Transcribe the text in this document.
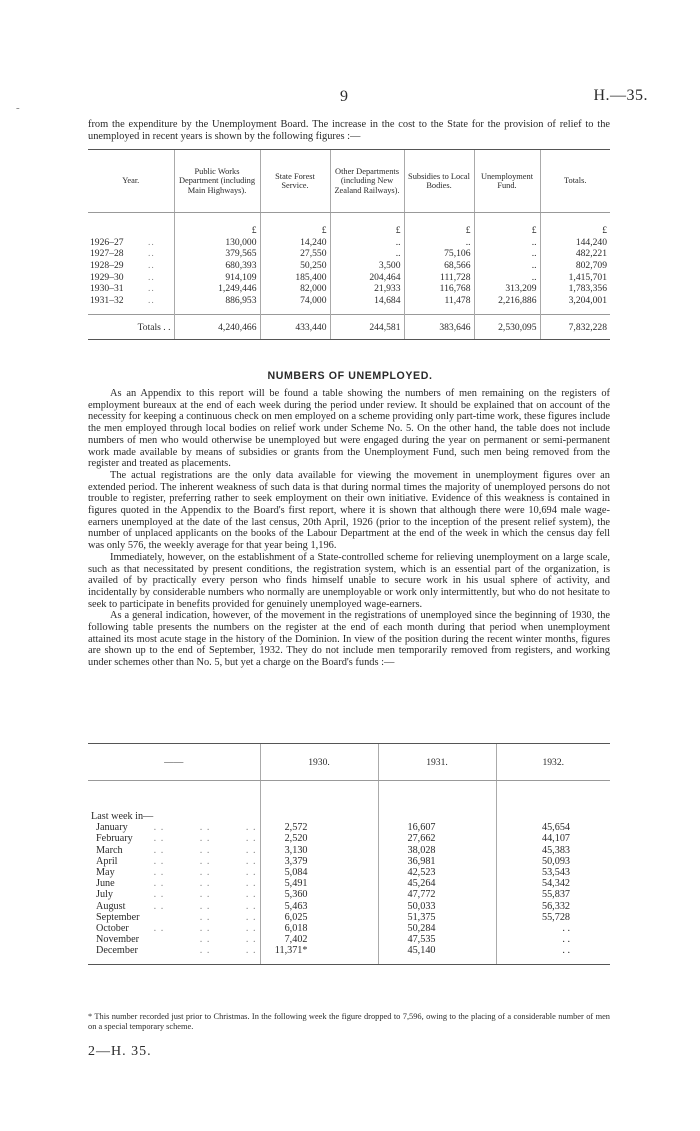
-
9	H.—35.

from the expenditure by the Unemployment Board. The increase in the cost to the State for the provision of relief to the unemployed in recent years is shown by the following figures :—

Year.	Public Works Department (including Main Highways).	State Forest Service.	Other Departments (including New Zealand Railways).	Subsidies to Local Bodies.	Unemployment Fund.	Totals.
	£	£	£	£	£	£
1926–27 ..	130,000	14,240	..	..	..	144,240
1927–28 ..	379,565	27,550	..	75,106	..	482,221
1928–29 ..	680,393	50,250	3,500	68,566	..	802,709
1929–30 ..	914,109	185,400	204,464	111,728	..	1,415,701
1930–31 ..	1,249,446	82,000	21,933	116,768	313,209	1,783,356
1931–32 ..	886,953	74,000	14,684	11,478	2,216,886	3,204,001
Totals . .	4,240,466	433,440	244,581	383,646	2,530,095	7,832,228
NUMBERS OF UNEMPLOYED.

As an Appendix to this report will be found a table showing the numbers of men remaining on the registers of employment bureaux at the end of each week during the period under review. It should be explained that on account of the necessity for keeping a continuous check on men employed on a scheme providing only part-time work, these figures include the men employed through local bodies on relief work under Scheme No. 5. On the other hand, the table does not include numbers of men who would otherwise be unemployed but were engaged during the year on permanent or semi-permanent work made available by means of subsidies or grants from the Unemployment Fund, such men being removed from the register and treated as placements.

The actual registrations are the only data available for viewing the movement in unemployment figures over an extended period. The inherent weakness of such data is that during normal times the majority of unemployed persons do not trouble to register, preferring rather to seek employment on their own initiative. Evidence of this weakness is contained in figures quoted in the Appendix to the Board's first report, where it is shown that although there were 10,694 male wage-earners unemployed at the date of the last census, 20th April, 1926 (prior to the inception of the present relief system), the number of unplaced applicants on the books of the Labour Department at the end of the week in which the census day fell was only 576, the weekly average for that year being 1,196.

Immediately, however, on the establishment of a State-controlled scheme for relieving unemployment on a large scale, such as that necessitated by present conditions, the registration system, which is an essential part of the organization, is availed of by practically every person who finds himself unable to secure work in his usual sphere of activity, and incidentally by considerable numbers who normally are unemployable or work only intermittently, but who do not hesitate to seek to participate in benefits provided for genuinely unemployed wage-earners.

As a general indication, however, of the movement in the registrations of unemployed since the beginning of 1930, the following table presents the numbers on the register at the end of each month during that period when unemployment attained its most acute stage in the history of the Dominion. In view of the position during the recent winter months, figures are shown up to the end of September, 1932. They do not include men temporarily removed from registers, and working under schemes other than No. 5, but yet a charge on the Board's funds :—

——	1930.	1931.	1932.
Last week in—			
January . .          . .          . .	2,572	16,607	45,654
February . .          . .          . .	2,520	27,662	44,107
March . .          . .          . .	3,130	38,028	45,383
April . .          . .          . .	3,379	36,981	50,093
May . .          . .          . .	5,084	42,523	53,543
June . .          . .          . .	5,491	45,264	54,342
July . .          . .          . .	5,360	47,772	55,837
August . .          . .          . .	5,463	50,033	56,332
September . .          . .	6,025	51,375	55,728
October . .          . .          . .	6,018	50,284	. .
November . .          . .	7,402	47,535	. .
December . .          . .	11,371*	45,140	. .

* This number recorded just prior to Christmas. In the following week the figure dropped to 7,596, owing to the placing of a considerable number of men on a special temporary scheme.

2—H. 35.
